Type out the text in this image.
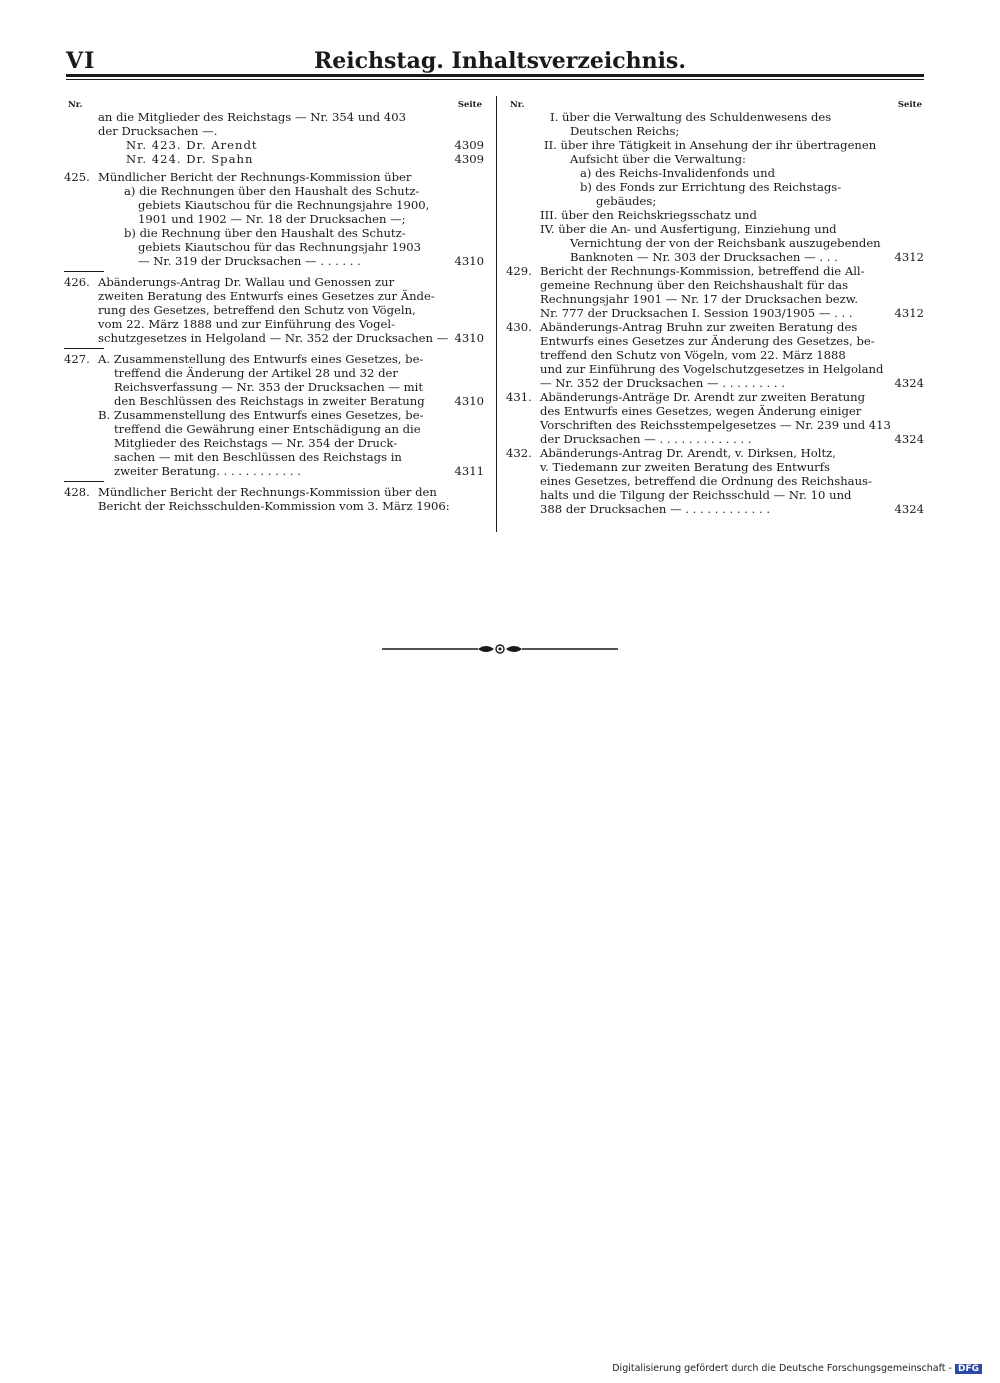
VI	Reichstag. Inhaltsverzeichnis.
Nr.	Seite
an die Mitglieder des Reichstags — Nr. 354 und 403
der Drucksachen —.
Nr. 423. Dr. Arendt	4309
Nr. 424. Dr. Spahn	4309
425. Mündlicher Bericht der Rechnungs-Kommission über
a) die Rechnungen über den Haushalt des Schutz-
gebiets Kiautschou für die Rechnungsjahre 1900,
1901 und 1902 — Nr. 18 der Drucksachen —;
b) die Rechnung über den Haushalt des Schutz-
gebiets Kiautschou für das Rechnungsjahr 1903
— Nr. 319 der Drucksachen — . . . . . .	4310
426. Abänderungs-Antrag Dr. Wallau und Genossen zur
zweiten Beratung des Entwurfs eines Gesetzes zur Ände-
rung des Gesetzes, betreffend den Schutz von Vögeln,
vom 22. März 1888 und zur Einführung des Vogel-
schutzgesetzes in Helgoland — Nr. 352 der Drucksachen — 4310
427. A. Zusammenstellung des Entwurfs eines Gesetzes, be-
treffend die Änderung der Artikel 28 und 32 der
Reichsverfassung — Nr. 353 der Drucksachen — mit
den Beschlüssen des Reichstags in zweiter Beratung	4310
B. Zusammenstellung des Entwurfs eines Gesetzes, be-
treffend die Gewährung einer Entschädigung an die
Mitglieder des Reichstags — Nr. 354 der Druck-
sachen — mit den Beschlüssen des Reichstags in
zweiter Beratung. . . . . . . . . . . .	4311
428. Mündlicher Bericht der Rechnungs-Kommission über den
Bericht der Reichsschulden-Kommission vom 3. März 1906:
Nr.	Seite
I. über die Verwaltung des Schuldenwesens des
Deutschen Reichs;
II. über ihre Tätigkeit in Ansehung der ihr übertragenen
Aufsicht über die Verwaltung:
a) des Reichs-Invalidenfonds und
b) des Fonds zur Errichtung des Reichstags-
gebäudes;
III. über den Reichskriegsschatz und
IV. über die An- und Ausfertigung, Einziehung und
Vernichtung der von der Reichsbank auszugebenden
Banknoten — Nr. 303 der Drucksachen — . . .	4312
429. Bericht der Rechnungs-Kommission, betreffend die All-
gemeine Rechnung über den Reichshaushalt für das
Rechnungsjahr 1901 — Nr. 17 der Drucksachen bezw.
Nr. 777 der Drucksachen I. Session 1903/1905 — . . .	4312
430. Abänderungs-Antrag Bruhn zur zweiten Beratung des
Entwurfs eines Gesetzes zur Änderung des Gesetzes, be-
treffend den Schutz von Vögeln, vom 22. März 1888
und zur Einführung des Vogelschutzgesetzes in Helgoland
— Nr. 352 der Drucksachen — . . . . . . . . .	4324
431. Abänderungs-Anträge Dr. Arendt zur zweiten Beratung
des Entwurfs eines Gesetzes, wegen Änderung einiger
Vorschriften des Reichsstempelgesetzes — Nr. 239 und 413
der Drucksachen — . . . . . . . . . . . . .	4324
432. Abänderungs-Antrag Dr. Arendt, v. Dirksen, Holtz,
v. Tiedemann zur zweiten Beratung des Entwurfs
eines Gesetzes, betreffend die Ordnung des Reichshaus-
halts und die Tilgung der Reichsschuld — Nr. 10 und
388 der Drucksachen — . . . . . . . . . . . .	4324
Digitalisierung gefördert durch die Deutsche Forschungsgemeinschaft - DFG
